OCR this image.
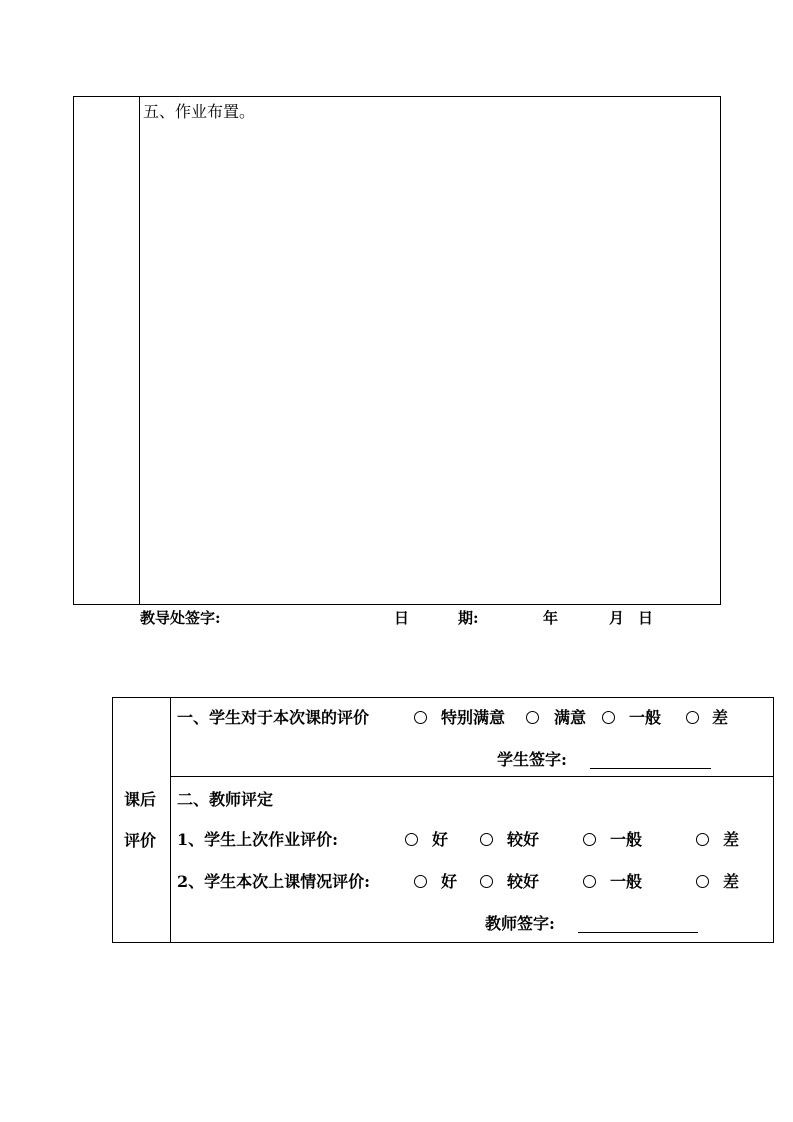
五、作业布置。
教导处签字:	日	期:	年	月 日
课后
评价
一、学生对于本次课的评价	特别满意	满意	一般	差
学生签字:
二、教师评定
1、学生上次作业评价:	好	较好	一般	差
2、学生本次上课情况评价:	好	较好	一般	差
教师签字:
